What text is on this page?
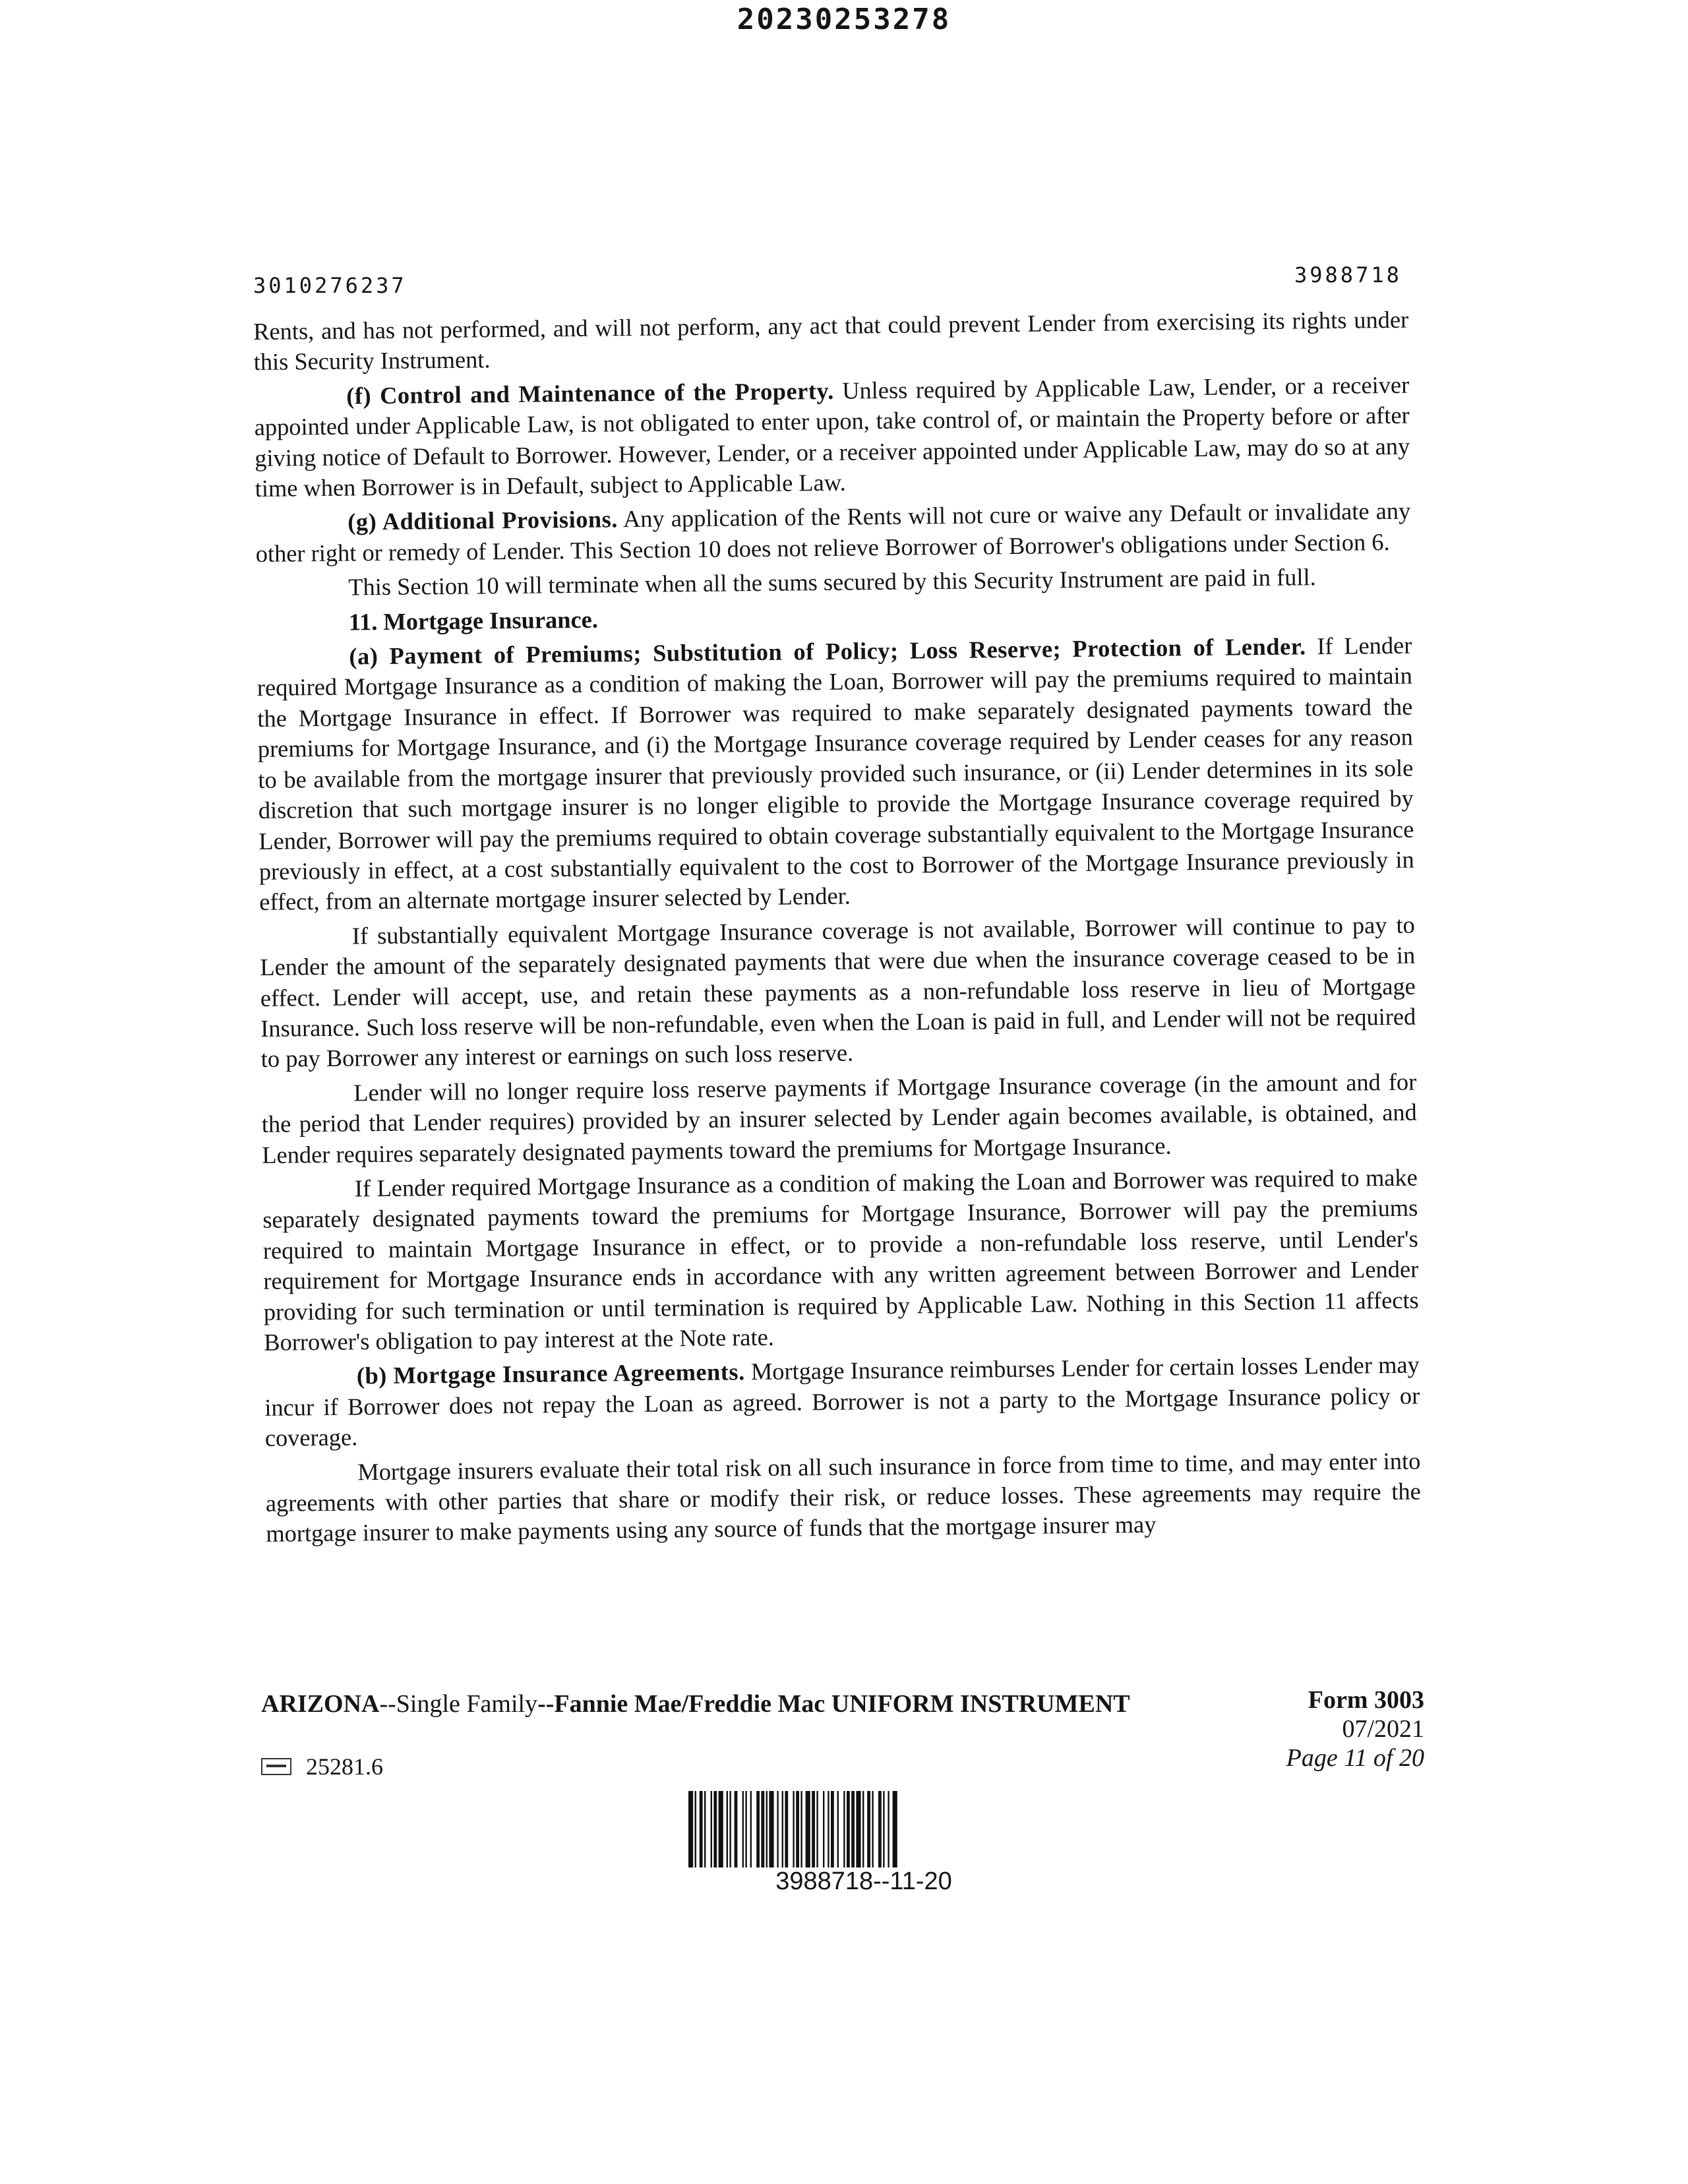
20230253278
3010276237	3988718

Rents, and has not performed, and will not perform, any act that could prevent Lender from exercising its rights under this Security Instrument.

(f) Control and Maintenance of the Property. Unless required by Applicable Law, Lender, or a receiver appointed under Applicable Law, is not obligated to enter upon, take control of, or maintain the Property before or after giving notice of Default to Borrower. However, Lender, or a receiver appointed under Applicable Law, may do so at any time when Borrower is in Default, subject to Applicable Law.

(g) Additional Provisions. Any application of the Rents will not cure or waive any Default or invalidate any other right or remedy of Lender. This Section 10 does not relieve Borrower of Borrower's obligations under Section 6.

This Section 10 will terminate when all the sums secured by this Security Instrument are paid in full.

11. Mortgage Insurance.

(a) Payment of Premiums; Substitution of Policy; Loss Reserve; Protection of Lender. If Lender required Mortgage Insurance as a condition of making the Loan, Borrower will pay the premiums required to maintain the Mortgage Insurance in effect. If Borrower was required to make separately designated payments toward the premiums for Mortgage Insurance, and (i) the Mortgage Insurance coverage required by Lender ceases for any reason to be available from the mortgage insurer that previously provided such insurance, or (ii) Lender determines in its sole discretion that such mortgage insurer is no longer eligible to provide the Mortgage Insurance coverage required by Lender, Borrower will pay the premiums required to obtain coverage substantially equivalent to the Mortgage Insurance previously in effect, at a cost substantially equivalent to the cost to Borrower of the Mortgage Insurance previously in effect, from an alternate mortgage insurer selected by Lender.

If substantially equivalent Mortgage Insurance coverage is not available, Borrower will continue to pay to Lender the amount of the separately designated payments that were due when the insurance coverage ceased to be in effect. Lender will accept, use, and retain these payments as a non-refundable loss reserve in lieu of Mortgage Insurance. Such loss reserve will be non-refundable, even when the Loan is paid in full, and Lender will not be required to pay Borrower any interest or earnings on such loss reserve.

Lender will no longer require loss reserve payments if Mortgage Insurance coverage (in the amount and for the period that Lender requires) provided by an insurer selected by Lender again becomes available, is obtained, and Lender requires separately designated payments toward the premiums for Mortgage Insurance.

If Lender required Mortgage Insurance as a condition of making the Loan and Borrower was required to make separately designated payments toward the premiums for Mortgage Insurance, Borrower will pay the premiums required to maintain Mortgage Insurance in effect, or to provide a non-refundable loss reserve, until Lender's requirement for Mortgage Insurance ends in accordance with any written agreement between Borrower and Lender providing for such termination or until termination is required by Applicable Law. Nothing in this Section 11 affects Borrower's obligation to pay interest at the Note rate.

(b) Mortgage Insurance Agreements. Mortgage Insurance reimburses Lender for certain losses Lender may incur if Borrower does not repay the Loan as agreed. Borrower is not a party to the Mortgage Insurance policy or coverage.

Mortgage insurers evaluate their total risk on all such insurance in force from time to time, and may enter into agreements with other parties that share or modify their risk, or reduce losses. These agreements may require the mortgage insurer to make payments using any source of funds that the mortgage insurer may

ARIZONA--Single Family--Fannie Mae/Freddie Mac UNIFORM INSTRUMENT	Form 3003
07/2021
Page 11 of 20
25281.6
3988718--11-20
